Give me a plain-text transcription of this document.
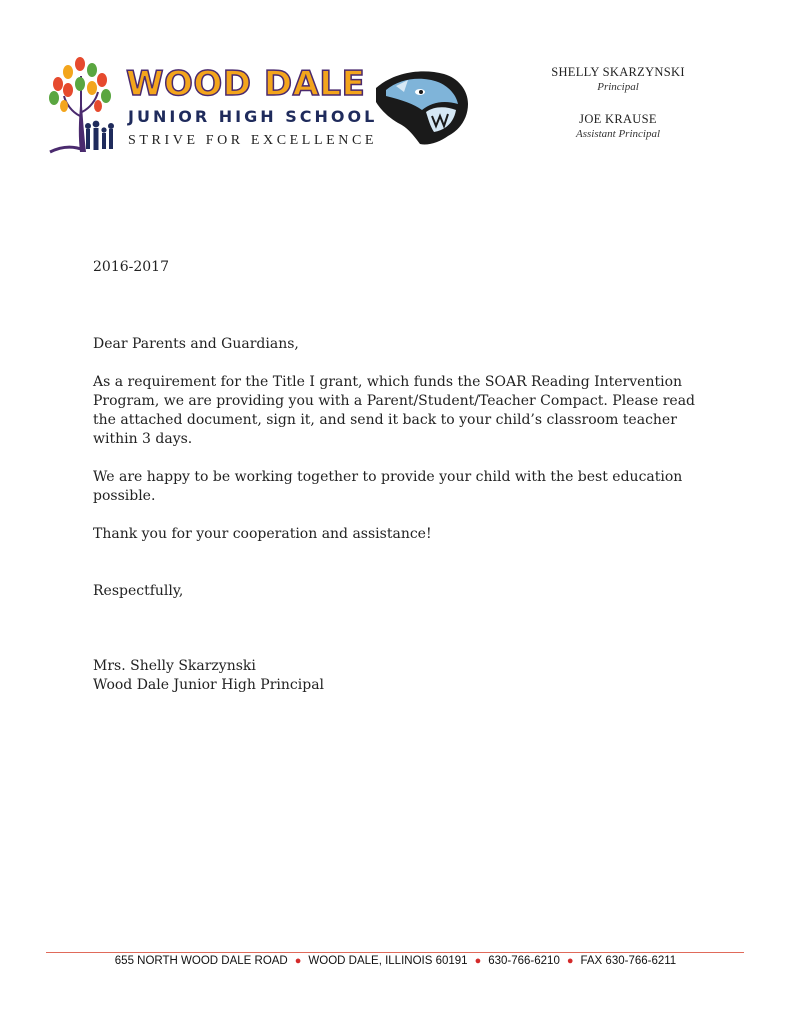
WOOD DALE
JUNIOR HIGH SCHOOL
STRIVE FOR EXCELLENCE
SHELLY SKARZYNSKI
Principal
JOE KRAUSE
Assistant Principal

2016-2017

Dear Parents and Guardians,

As a requirement for the Title I grant, which funds the SOAR Reading Intervention Program, we are providing you with a Parent/Student/Teacher Compact. Please read the attached document, sign it, and send it back to your child’s classroom teacher within 3 days.

We are happy to be working together to provide your child with the best education possible.

Thank you for your cooperation and assistance!

Respectfully,

Mrs. Shelly Skarzynski

Wood Dale Junior High Principal

655 NORTH WOOD DALE ROAD ● WOOD DALE, ILLINOIS 60191 ● 630-766-6210 ● FAX 630-766-6211
